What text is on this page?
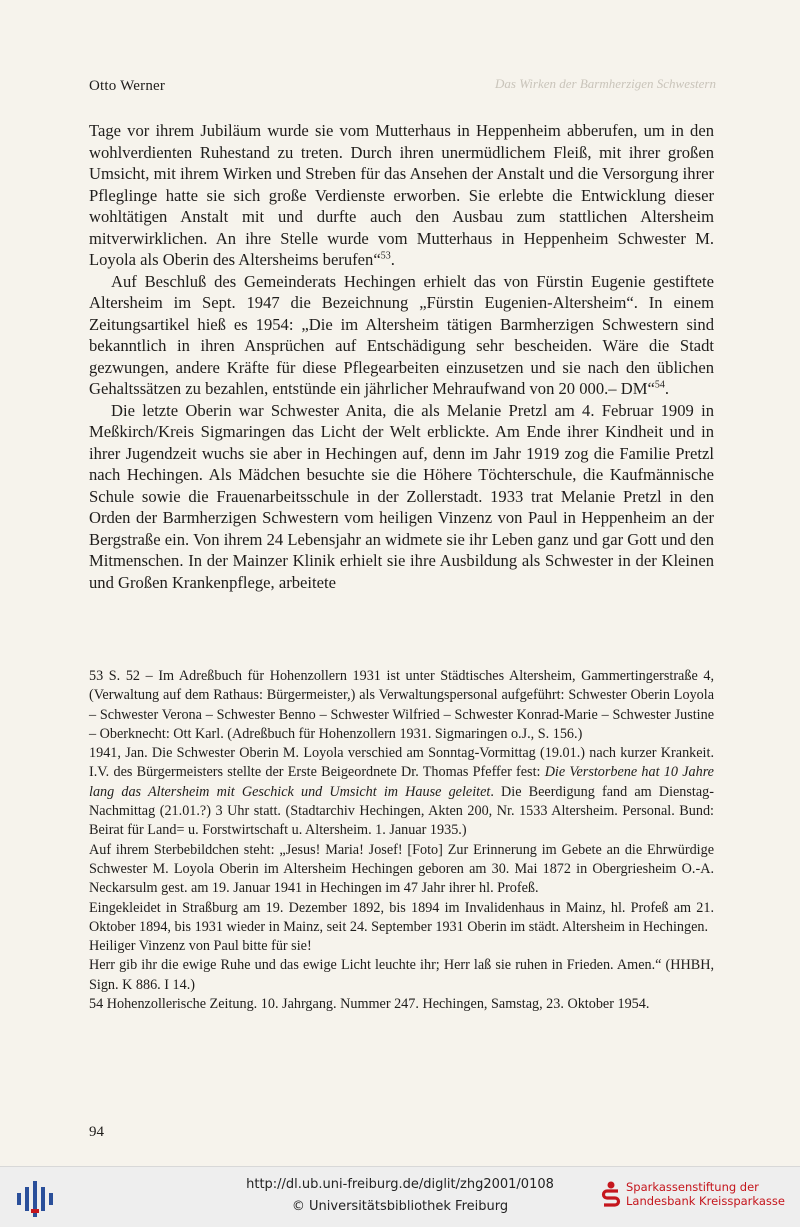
Otto Werner	Das Wirken der Barmherzigen Schwestern

Tage vor ihrem Jubiläum wurde sie vom Mutterhaus in Heppenheim abberufen, um in den wohlverdienten Ruhestand zu treten. Durch ihren unermüdlichem Fleiß, mit ihrer großen Umsicht, mit ihrem Wirken und Streben für das Ansehen der Anstalt und die Versorgung ihrer Pfleglinge hatte sie sich große Verdienste erworben. Sie erlebte die Entwicklung dieser wohltätigen Anstalt mit und durfte auch den Ausbau zum stattlichen Altersheim mitverwirklichen. An ihre Stelle wurde vom Mutterhaus in Heppenheim Schwester M. Loyola als Oberin des Altersheims berufen“$^{53}$.

Auf Beschluß des Gemeinderats Hechingen erhielt das von Fürstin Eugenie gestiftete Altersheim im Sept. 1947 die Bezeichnung „Fürstin Eugenien-Altersheim“. In einem Zeitungsartikel hieß es 1954: „Die im Altersheim tätigen Barmherzigen Schwestern sind bekanntlich in ihren Ansprüchen auf Entschädigung sehr bescheiden. Wäre die Stadt gezwungen, andere Kräfte für diese Pflegearbeiten einzusetzen und sie nach den üblichen Gehaltssätzen zu bezahlen, entstünde ein jährlicher Mehraufwand von 20 000.– DM“$^{54}$.

Die letzte Oberin war Schwester Anita, die als Melanie Pretzl am 4. Februar 1909 in Meßkirch/Kreis Sigmaringen das Licht der Welt erblickte. Am Ende ihrer Kindheit und in ihrer Jugendzeit wuchs sie aber in Hechingen auf, denn im Jahr 1919 zog die Familie Pretzl nach Hechingen. Als Mädchen besuchte sie die Höhere Töchterschule, die Kaufmännische Schule sowie die Frauenarbeitsschule in der Zollerstadt. 1933 trat Melanie Pretzl in den Orden der Barmherzigen Schwestern vom heiligen Vinzenz von Paul in Heppenheim an der Bergstraße ein. Von ihrem 24 Lebensjahr an widmete sie ihr Leben ganz und gar Gott und den Mitmenschen. In der Mainzer Klinik erhielt sie ihre Ausbildung als Schwester in der Kleinen und Großen Krankenpflege, arbeitete

53 S. 52 – Im Adreßbuch für Hohenzollern 1931 ist unter Städtisches Altersheim, Gammertingerstraße 4, (Verwaltung auf dem Rathaus: Bürgermeister,) als Verwaltungspersonal aufgeführt: Schwester Oberin Loyola – Schwester Verona – Schwester Benno – Schwester Wilfried – Schwester Konrad-Marie – Schwester Justine – Oberknecht: Ott Karl. (Adreßbuch für Hohenzollern 1931. Sigmaringen o.J., S. 156.)

1941, Jan. Die Schwester Oberin M. Loyola verschied am Sonntag-Vormittag (19.01.) nach kurzer Krankeit. I.V. des Bürgermeisters stellte der Erste Beigeordnete Dr. Thomas Pfeffer fest: Die Verstorbene hat 10 Jahre lang das Altersheim mit Geschick und Umsicht im Hause geleitet. Die Beerdigung fand am Dienstag-Nachmittag (21.01.?) 3 Uhr statt. (Stadtarchiv Hechingen, Akten 200, Nr. 1533 Altersheim. Personal. Bund: Beirat für Land= u. Forstwirtschaft u. Altersheim. 1. Januar 1935.)

Auf ihrem Sterbebildchen steht: „Jesus! Maria! Josef! [Foto] Zur Erinnerung im Gebete an die Ehrwürdige Schwester M. Loyola Oberin im Altersheim Hechingen geboren am 30. Mai 1872 in Obergriesheim O.-A. Neckarsulm gest. am 19. Januar 1941 in Hechingen im 47 Jahr ihrer hl. Profeß.

Eingekleidet in Straßburg am 19. Dezember 1892, bis 1894 im Invalidenhaus in Mainz, hl. Profeß am 21. Oktober 1894, bis 1931 wieder in Mainz, seit 24. September 1931 Oberin im städt. Altersheim in Hechingen.

Heiliger Vinzenz von Paul bitte für sie!

Herr gib ihr die ewige Ruhe und das ewige Licht leuchte ihr; Herr laß sie ruhen in Frieden. Amen.“ (HHBH, Sign. K 886. I 14.)

54 Hohenzollerische Zeitung. 10. Jahrgang. Nummer 247. Hechingen, Samstag, 23. Oktober 1954.

94
http://dl.ub.uni-freiburg.de/diglit/zhg2001/0108
© Universitätsbibliothek Freiburg
Sparkassenstiftung der
Landesbank Kreissparkasse
